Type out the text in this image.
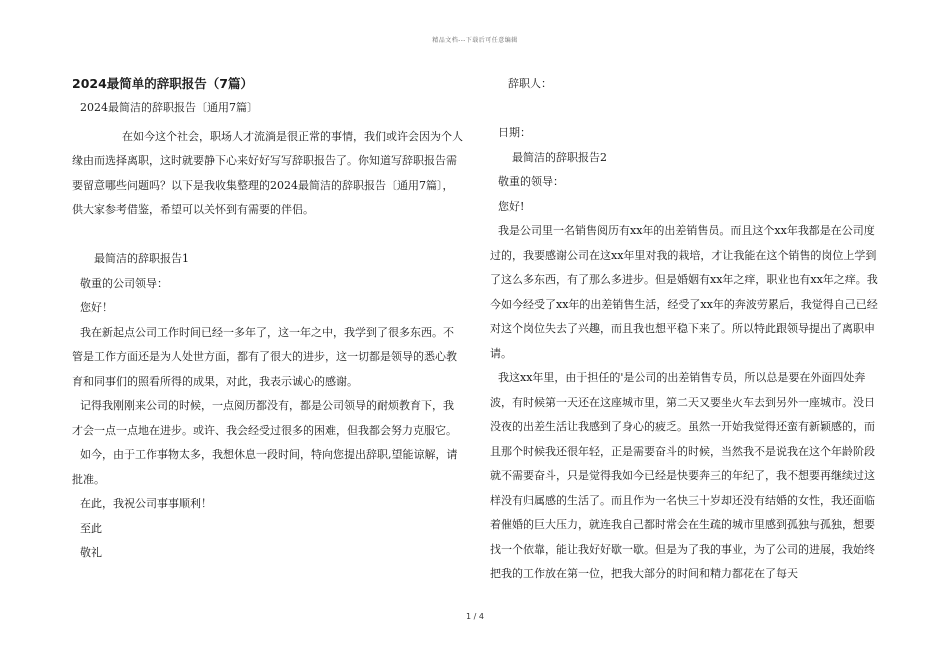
精品文档---下载后可任意编辑

2024最简单的辞职报告（7篇）

2024最简洁的辞职报告〔通用7篇〕

在如今这个社会，职场人才流淌是很正常的事情，我们或许会因为个人缘由而选择离职，这时就要静下心来好好写写辞职报告了。你知道写辞职报告需要留意哪些问题吗？以下是我收集整理的2024最简洁的辞职报告〔通用7篇〕，供大家参考借鉴，希望可以关怀到有需要的伴侣。

最简洁的辞职报告1

敬重的公司领导：

您好！

我在新起点公司工作时间已经一多年了，这一年之中，我学到了很多东西。不管是工作方面还是为人处世方面，都有了很大的进步，这一切都是领导的悉心教育和同事们的照看所得的成果，对此，我表示诚心的感谢。

记得我刚刚来公司的时候，一点阅历都没有，都是公司领导的耐烦教育下，我才会一点一点地在进步。或许、我会经受过很多的困难，但我都会努力克服它。

如今，由于工作事物太多，我想休息一段时间，特向您提出辞职,望能谅解，请批准。

在此，我祝公司事事顺利！

至此

敬礼

辞职人：

日期：

最简洁的辞职报告2

敬重的领导：

您好!

我是公司里一名销售阅历有xx年的出差销售员。而且这个xx年我都是在公司度过的，我要感谢公司在这xx年里对我的栽培，才让我能在这个销售的岗位上学到了这么多东西，有了那么多进步。但是婚姻有xx年之痒，职业也有xx年之痒。我今如今经受了xx年的出差销售生活，经受了xx年的奔波劳累后，我觉得自己已经对这个岗位失去了兴趣，而且我也想平稳下来了。所以特此跟领导提出了离职申请。

我这xx年里，由于担任的'是公司的出差销售专员，所以总是要在外面四处奔波，有时候第一天还在这座城市里，第二天又要坐火车去到另外一座城市。没日没夜的出差生活让我感到了身心的疲乏。虽然一开始我觉得还蛮有新颖感的，而且那个时候我还很年轻，正是需要奋斗的时候，当然我不是说我在这个年龄阶段就不需要奋斗，只是觉得我如今已经是快要奔三的年纪了，我不想要再继续过这样没有归属感的生活了。而且作为一名快三十岁却还没有结婚的女性，我还面临着催婚的巨大压力，就连我自己都时常会在生疏的城市里感到孤独与孤独，想要找一个依靠，能让我好好歇一歇。但是为了我的事业，为了公司的进展，我始终把我的工作放在第一位，把我大部分的时间和精力都花在了每天

1 / 4
